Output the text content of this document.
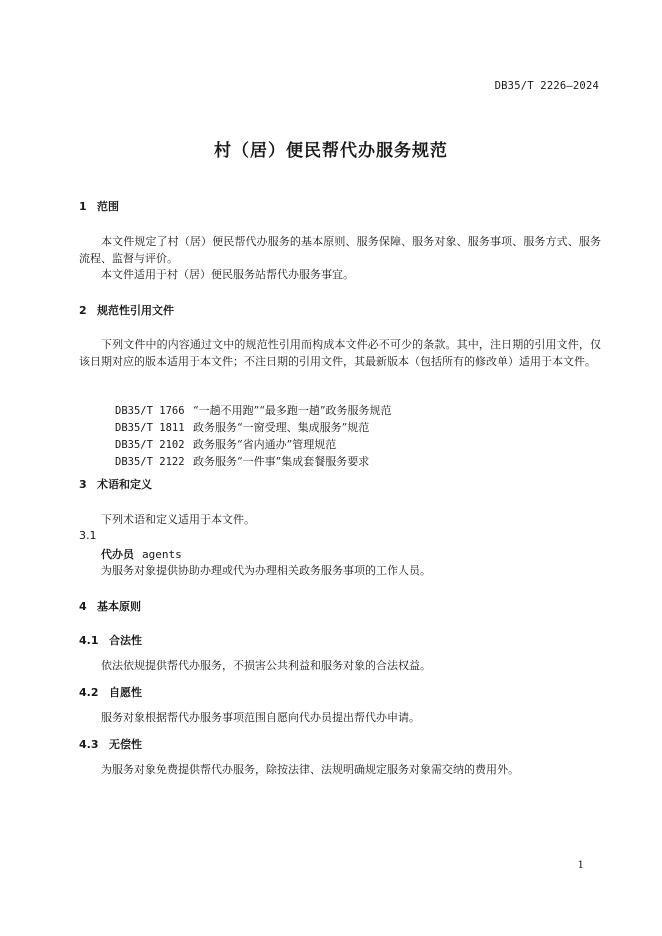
DB35/T 2226—2024
村（居）便民帮代办服务规范
1 范围
本文件规定了村（居）便民帮代办服务的基本原则、服务保障、服务对象、服务事项、服务方式、服务流程、监督与评价。
本文件适用于村（居）便民服务站帮代办服务事宜。
2 规范性引用文件
下列文件中的内容通过文中的规范性引用而构成本文件必不可少的条款。其中，注日期的引用文件，仅该日期对应的版本适用于本文件；不注日期的引用文件，其最新版本（包括所有的修改单）适用于本文件。

DB35/T 1766 “一趟不用跑”“最多跑一趟”政务服务规范

DB35/T 1811 政务服务“一窗受理、集成服务”规范

DB35/T 2102 政务服务“省内通办”管理规范

DB35/T 2122 政务服务“一件事”集成套餐服务要求

3 术语和定义
下列术语和定义适用于本文件。
3.1
代办员 agents
为服务对象提供协助办理或代为办理相关政务服务事项的工作人员。
4 基本原则
4.1 合法性
依法依规提供帮代办服务，不损害公共利益和服务对象的合法权益。
4.2 自愿性
服务对象根据帮代办服务事项范围自愿向代办员提出帮代办申请。
4.3 无偿性
为服务对象免费提供帮代办服务，除按法律、法规明确规定服务对象需交纳的费用外。
1
